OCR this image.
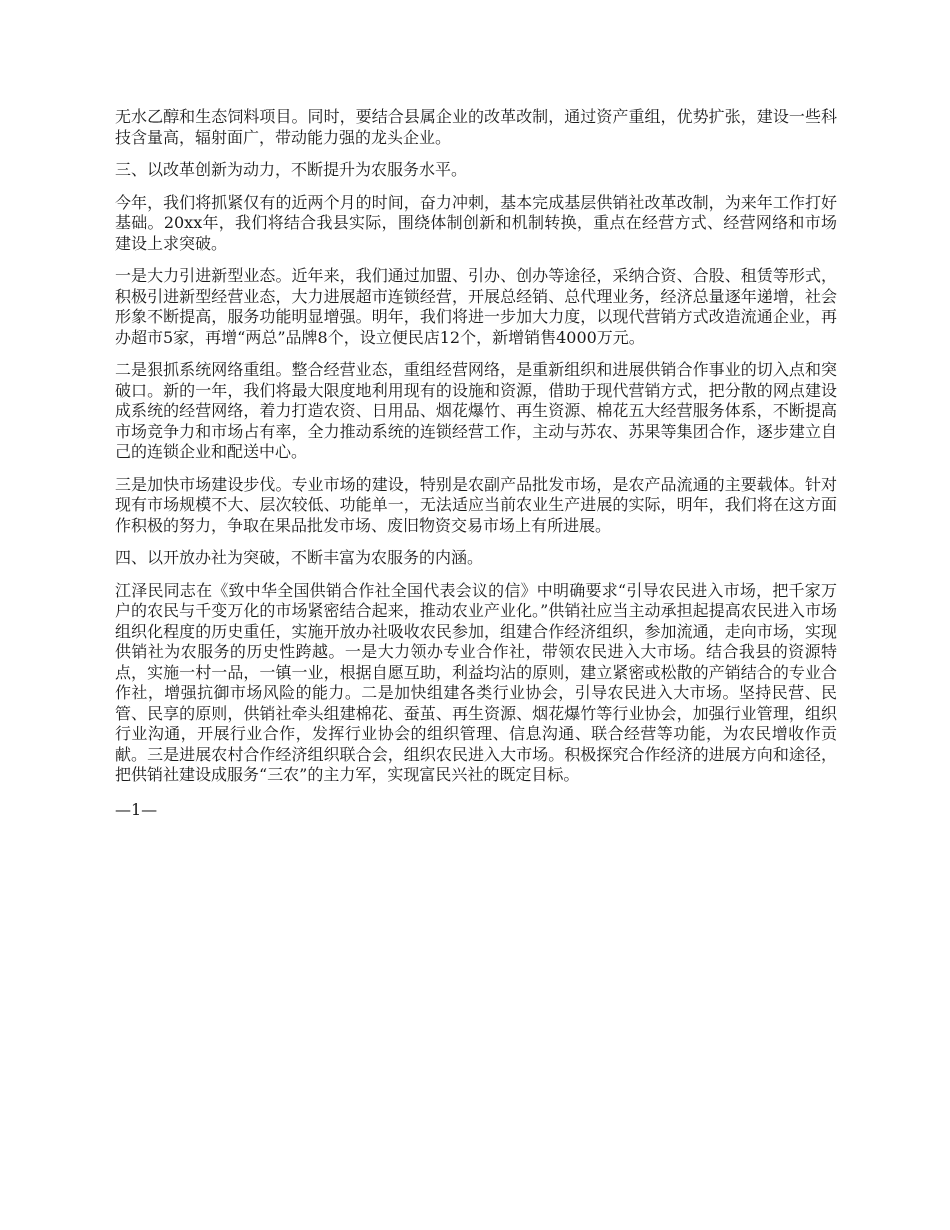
无水乙醇和生态饲料项目。同时，要结合县属企业的改革改制，通过资产重组，优势扩张，建设一些科技含量高，辐射面广，带动能力强的龙头企业。

三、以改革创新为动力，不断提升为农服务水平。

今年，我们将抓紧仅有的近两个月的时间，奋力冲刺，基本完成基层供销社改革改制，为来年工作打好基础。20xx年，我们将结合我县实际，围绕体制创新和机制转换，重点在经营方式、经营网络和市场建设上求突破。

一是大力引进新型业态。近年来，我们通过加盟、引办、创办等途径，采纳合资、合股、租赁等形式，积极引进新型经营业态，大力进展超市连锁经营，开展总经销、总代理业务，经济总量逐年递增，社会形象不断提高，服务功能明显增强。明年，我们将进一步加大力度，以现代营销方式改造流通企业，再办超市5家，再增“两总”品牌8个，设立便民店12个，新增销售4000万元。

二是狠抓系统网络重组。整合经营业态，重组经营网络，是重新组织和进展供销合作事业的切入点和突破口。新的一年，我们将最大限度地利用现有的设施和资源，借助于现代营销方式，把分散的网点建设成系统的经营网络，着力打造农资、日用品、烟花爆竹、再生资源、棉花五大经营服务体系，不断提高市场竞争力和市场占有率，全力推动系统的连锁经营工作，主动与苏农、苏果等集团合作，逐步建立自己的连锁企业和配送中心。

三是加快市场建设步伐。专业市场的建设，特别是农副产品批发市场，是农产品流通的主要载体。针对现有市场规模不大、层次较低、功能单一，无法适应当前农业生产进展的实际，明年，我们将在这方面作积极的努力，争取在果品批发市场、废旧物资交易市场上有所进展。

四、以开放办社为突破，不断丰富为农服务的内涵。

江泽民同志在《致中华全国供销合作社全国代表会议的信》中明确要求“引导农民进入市场，把千家万户的农民与千变万化的市场紧密结合起来，推动农业产业化。”供销社应当主动承担起提高农民进入市场组织化程度的历史重任，实施开放办社吸收农民参加，组建合作经济组织，参加流通，走向市场，实现供销社为农服务的历史性跨越。一是大力领办专业合作社，带领农民进入大市场。结合我县的资源特点，实施一村一品，一镇一业，根据自愿互助，利益均沾的原则，建立紧密或松散的产销结合的专业合作社，增强抗御市场风险的能力。二是加快组建各类行业协会，引导农民进入大市场。坚持民营、民管、民享的原则，供销社牵头组建棉花、蚕茧、再生资源、烟花爆竹等行业协会，加强行业管理，组织行业沟通，开展行业合作，发挥行业协会的组织管理、信息沟通、联合经营等功能，为农民增收作贡献。三是进展农村合作经济组织联合会，组织农民进入大市场。积极探究合作经济的进展方向和途径，把供销社建设成服务“三农”的主力军，实现富民兴社的既定目标。

—1—
